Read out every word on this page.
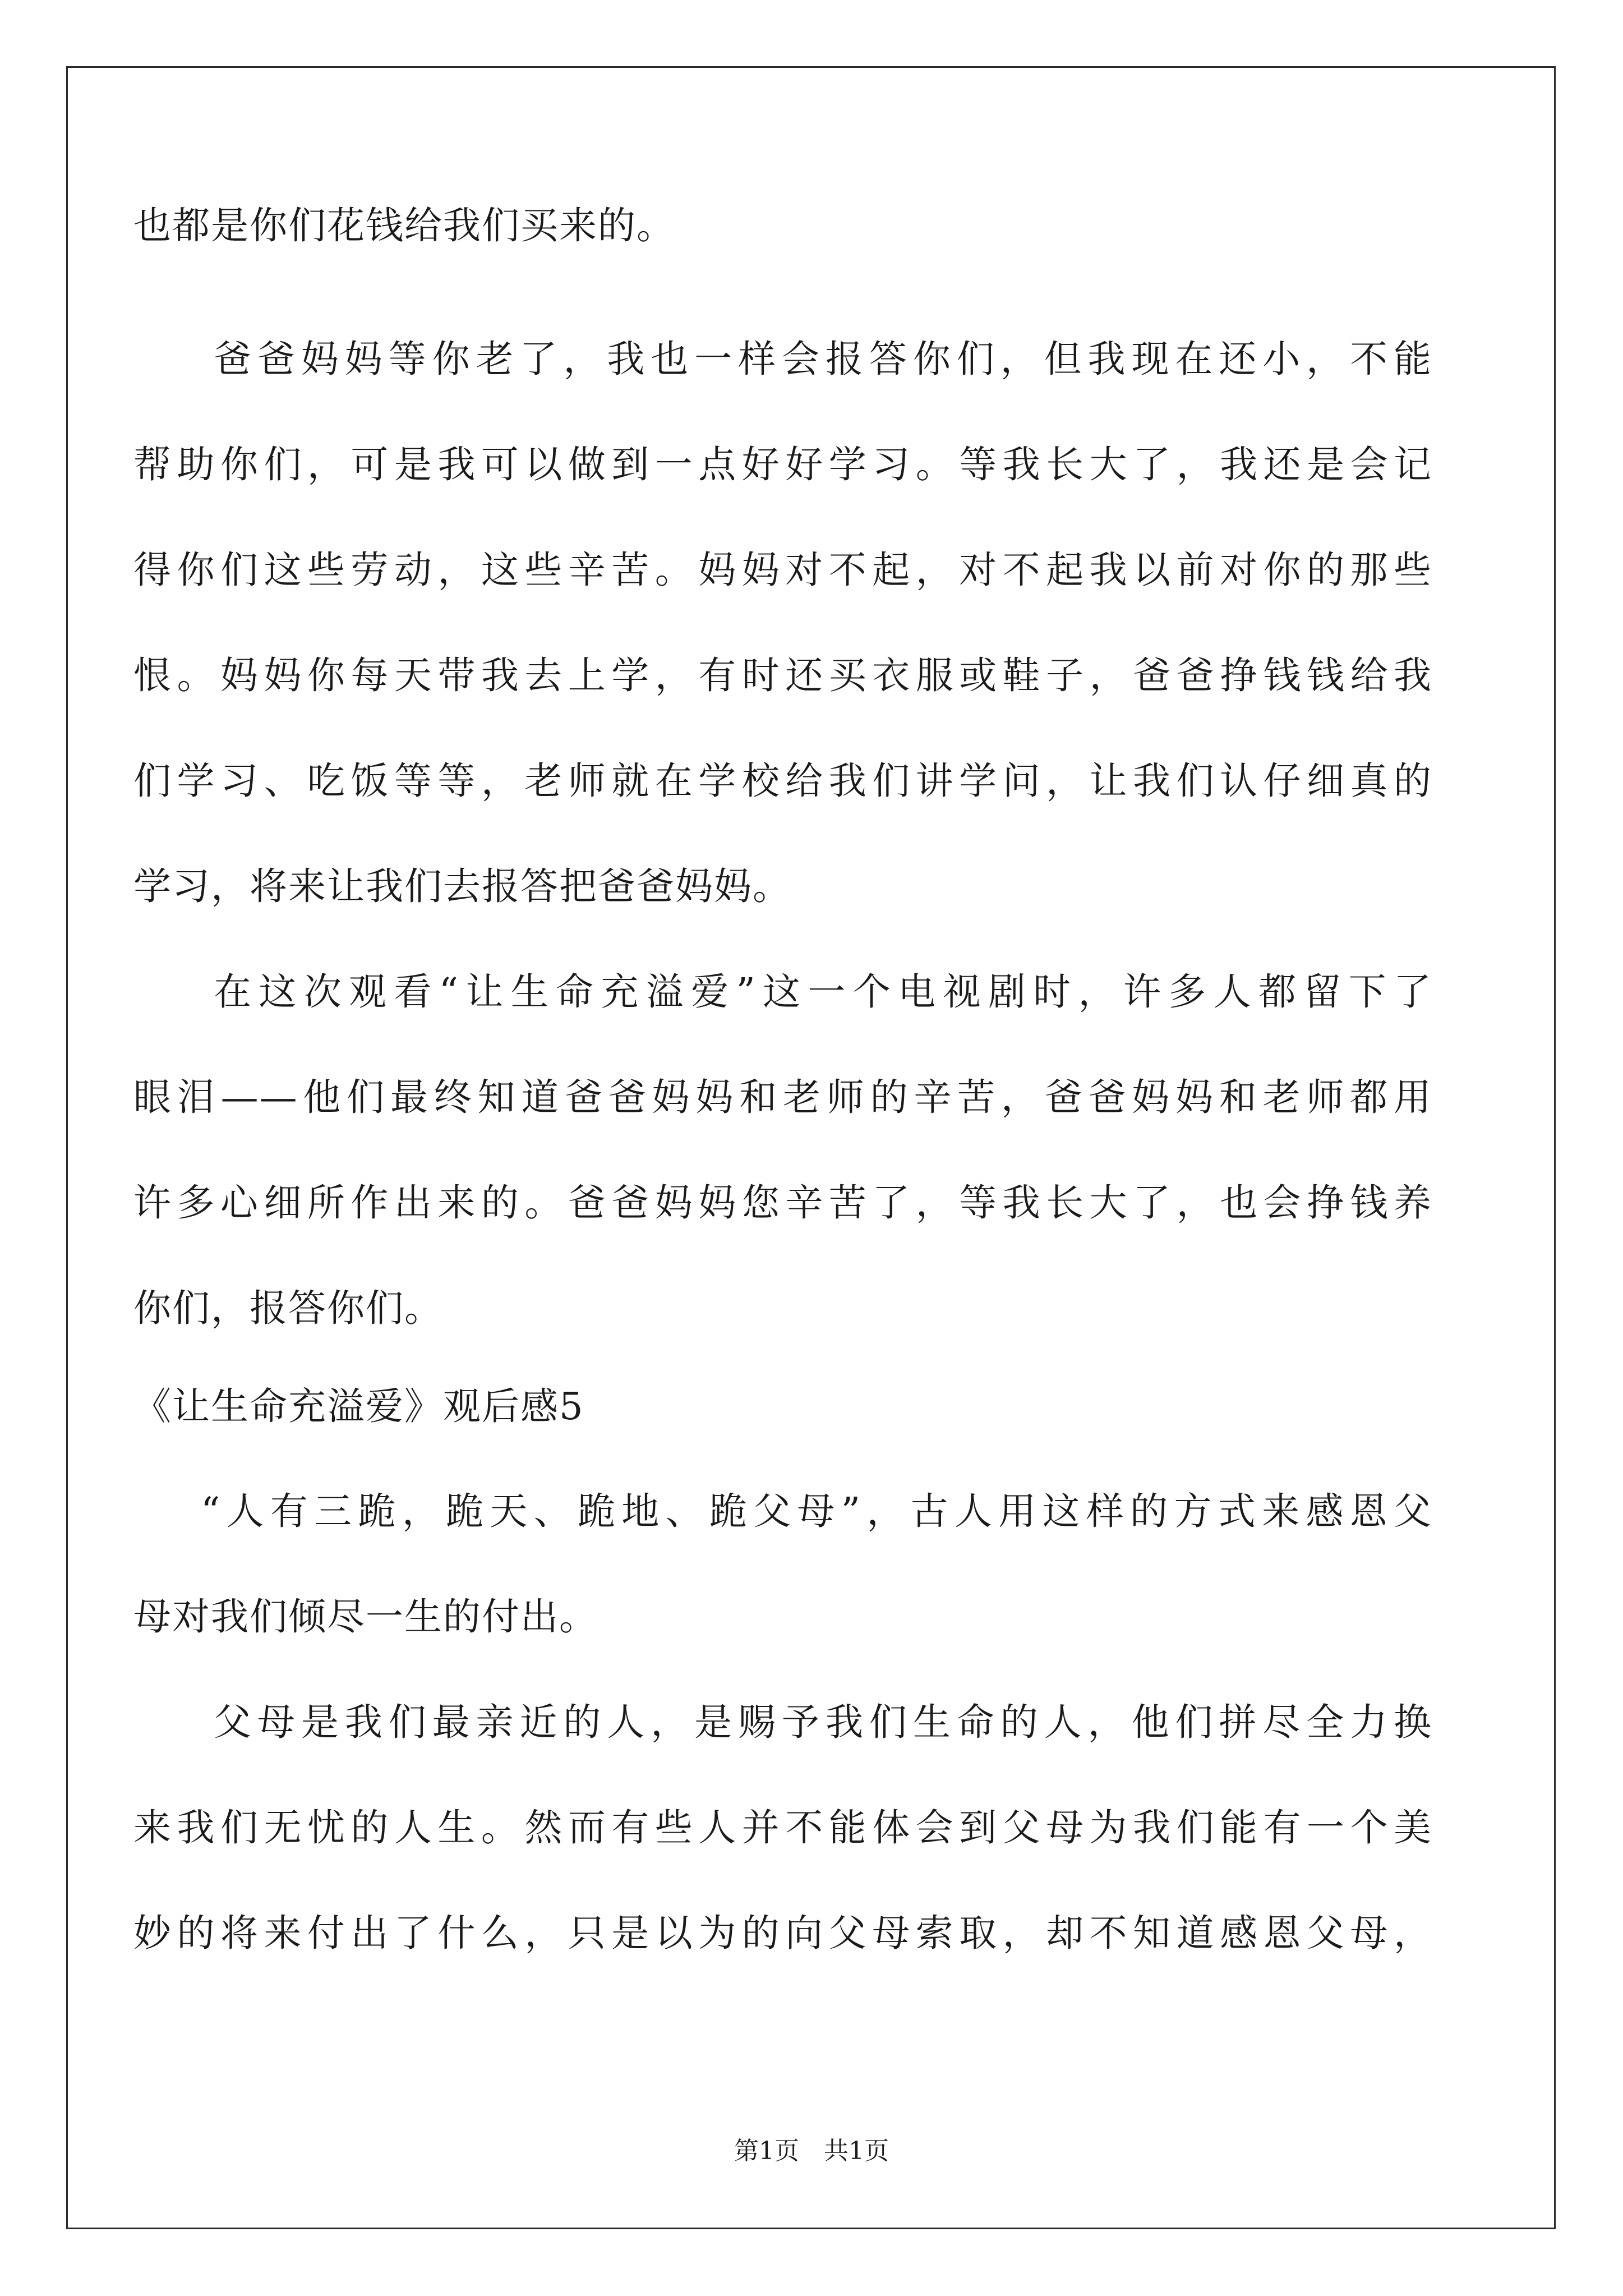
也都是你们花钱给我们买来的。
爸爸妈妈等你老了，我也一样会报答你们，但我现在还小，不能
帮助你们，可是我可以做到一点好好学习。等我长大了，我还是会记
得你们这些劳动，这些辛苦。妈妈对不起，对不起我以前对你的那些
恨。妈妈你每天带我去上学，有时还买衣服或鞋子，爸爸挣钱钱给我
们学习、吃饭等等，老师就在学校给我们讲学问，让我们认仔细真的
学习，将来让我们去报答把爸爸妈妈。
在这次观看“让生命充溢爱”这一个电视剧时，许多人都留下了
眼泪——他们最终知道爸爸妈妈和老师的辛苦，爸爸妈妈和老师都用
许多心细所作出来的。爸爸妈妈您辛苦了，等我长大了，也会挣钱养
你们，报答你们。
《让生命充溢爱》观后感5
“人有三跪，跪天、跪地、跪父母”，古人用这样的方式来感恩父
母对我们倾尽一生的付出。
父母是我们最亲近的人，是赐予我们生命的人，他们拼尽全力换
来我们无忧的人生。然而有些人并不能体会到父母为我们能有一个美
妙的将来付出了什么，只是以为的向父母索取，却不知道感恩父母，
第1页　共1页
